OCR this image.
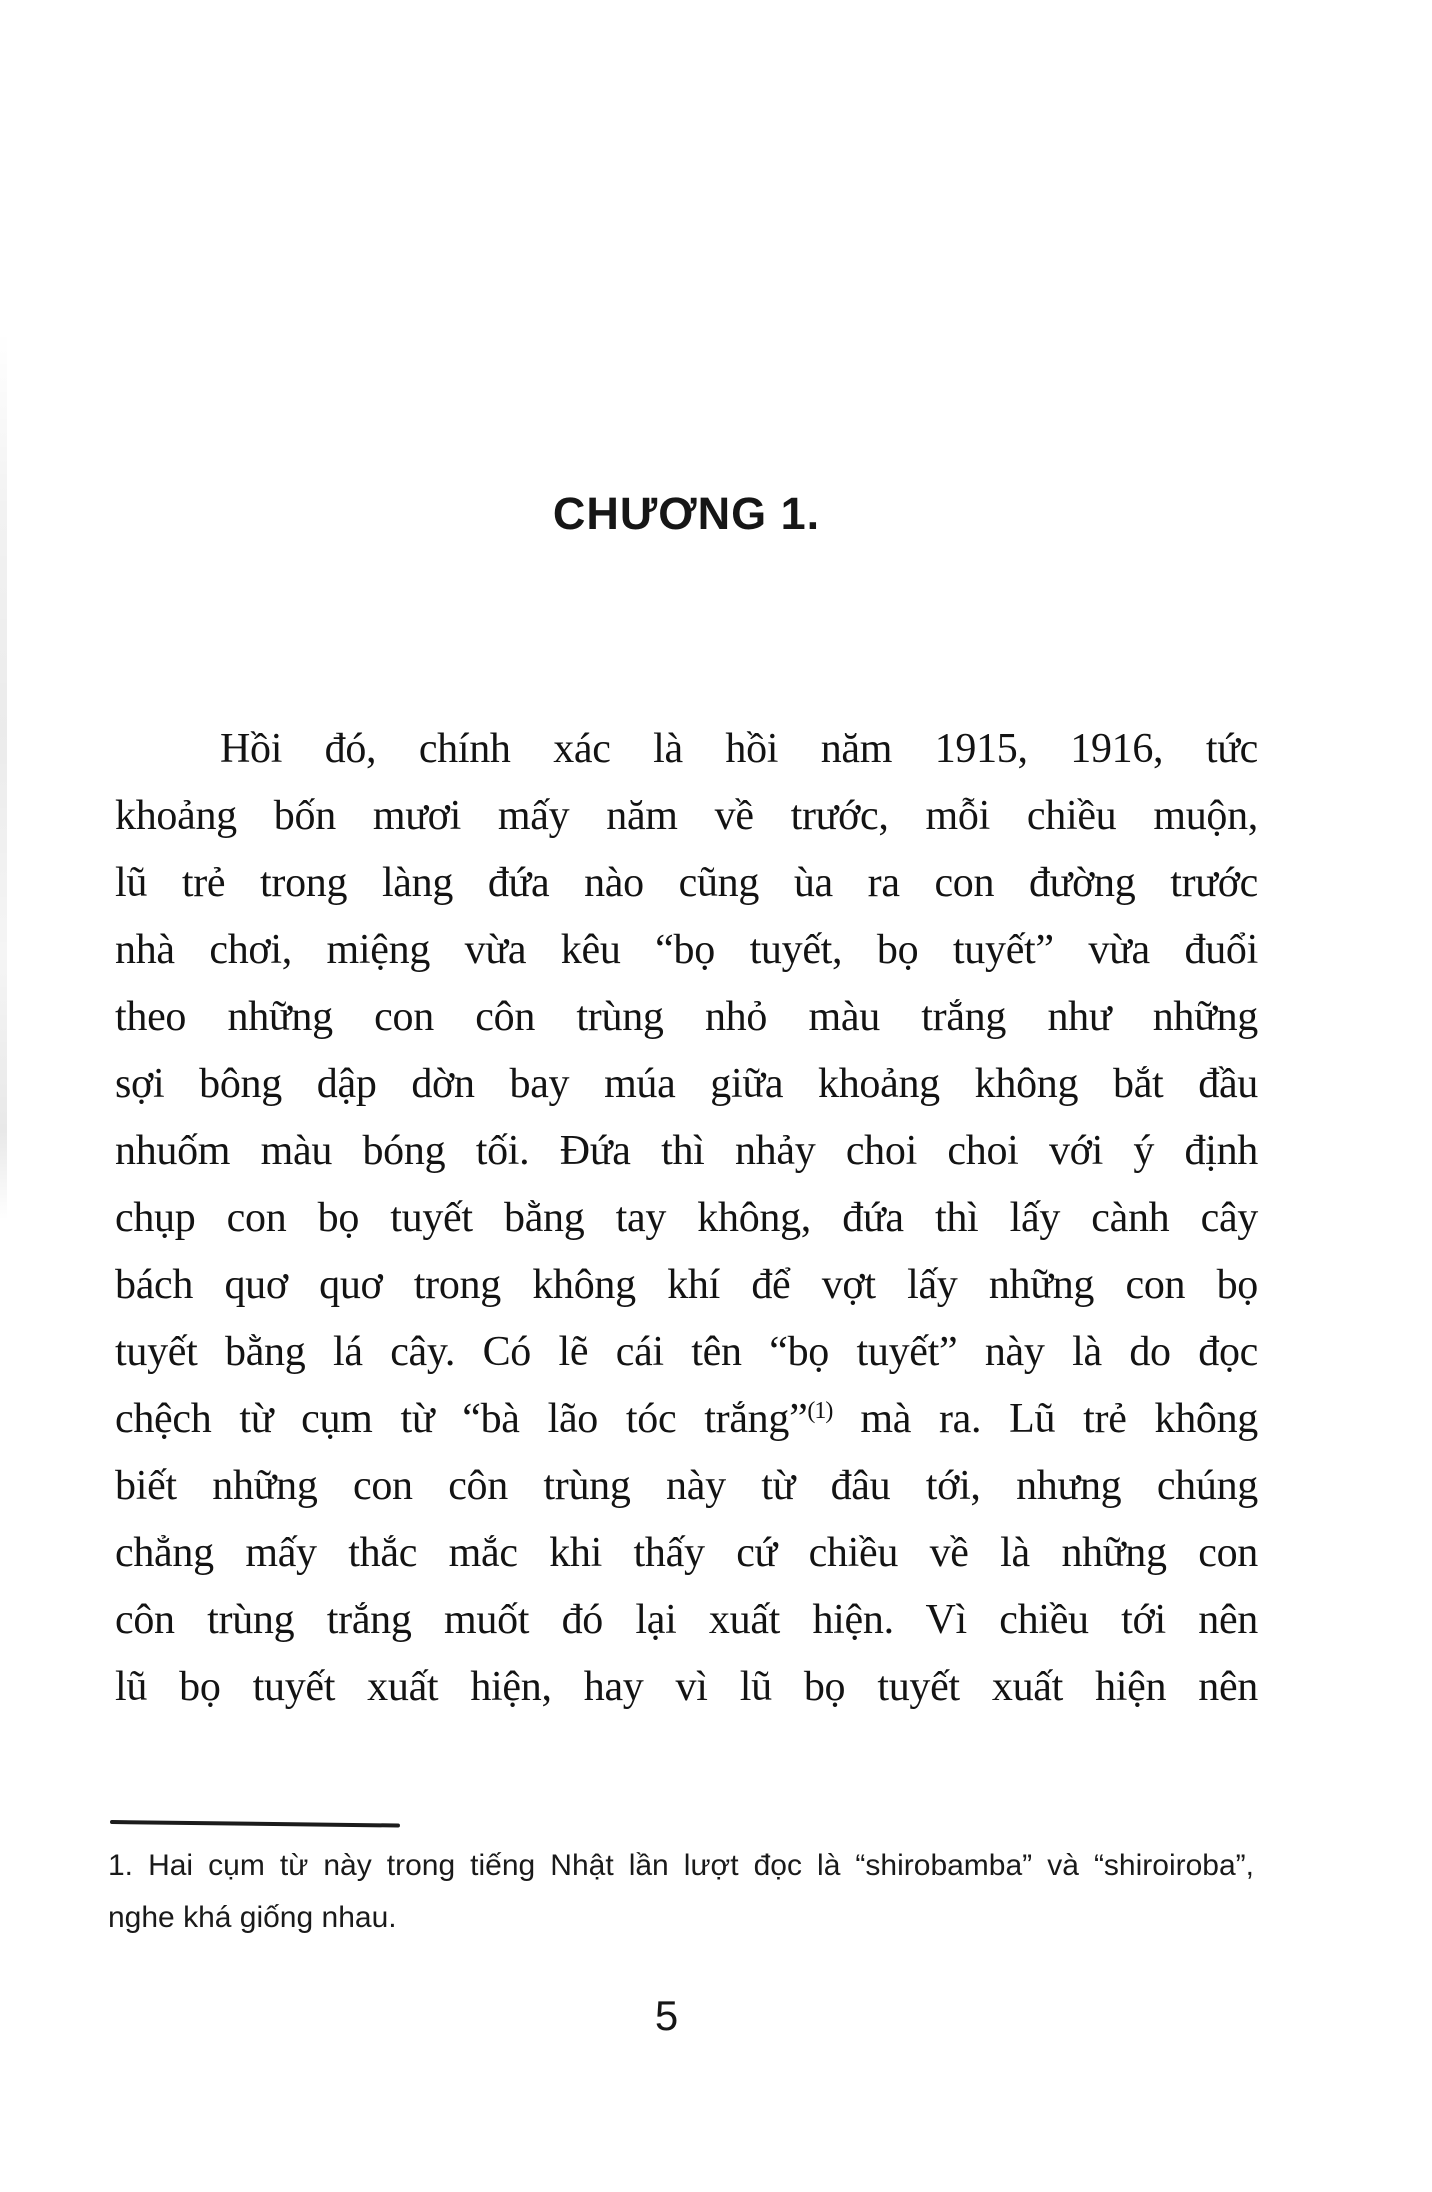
CHƯƠNG 1.
Hồi đó, chính xác là hồi năm 1915, 1916, tức
khoảng bốn mươi mấy năm về trước, mỗi chiều muộn,
lũ trẻ trong làng đứa nào cũng ùa ra con đường trước
nhà chơi, miệng vừa kêu “bọ tuyết, bọ tuyết” vừa đuổi
theo những con côn trùng nhỏ màu trắng như những
sợi bông dập dờn bay múa giữa khoảng không bắt đầu
nhuốm màu bóng tối. Đứa thì nhảy choi choi với ý định
chụp con bọ tuyết bằng tay không, đứa thì lấy cành cây
bách quơ quơ trong không khí để vợt lấy những con bọ
tuyết bằng lá cây. Có lẽ cái tên “bọ tuyết” này là do đọc
chệch từ cụm từ “bà lão tóc trắng”$^{(1)}$ mà ra. Lũ trẻ không
biết những con côn trùng này từ đâu tới, nhưng chúng
chẳng mấy thắc mắc khi thấy cứ chiều về là những con
côn trùng trắng muốt đó lại xuất hiện. Vì chiều tới nên
lũ bọ tuyết xuất hiện, hay vì lũ bọ tuyết xuất hiện nên
1. Hai cụm từ này trong tiếng Nhật lần lượt đọc là “shirobamba” và “shiroiroba”,
nghe khá giống nhau.
5
